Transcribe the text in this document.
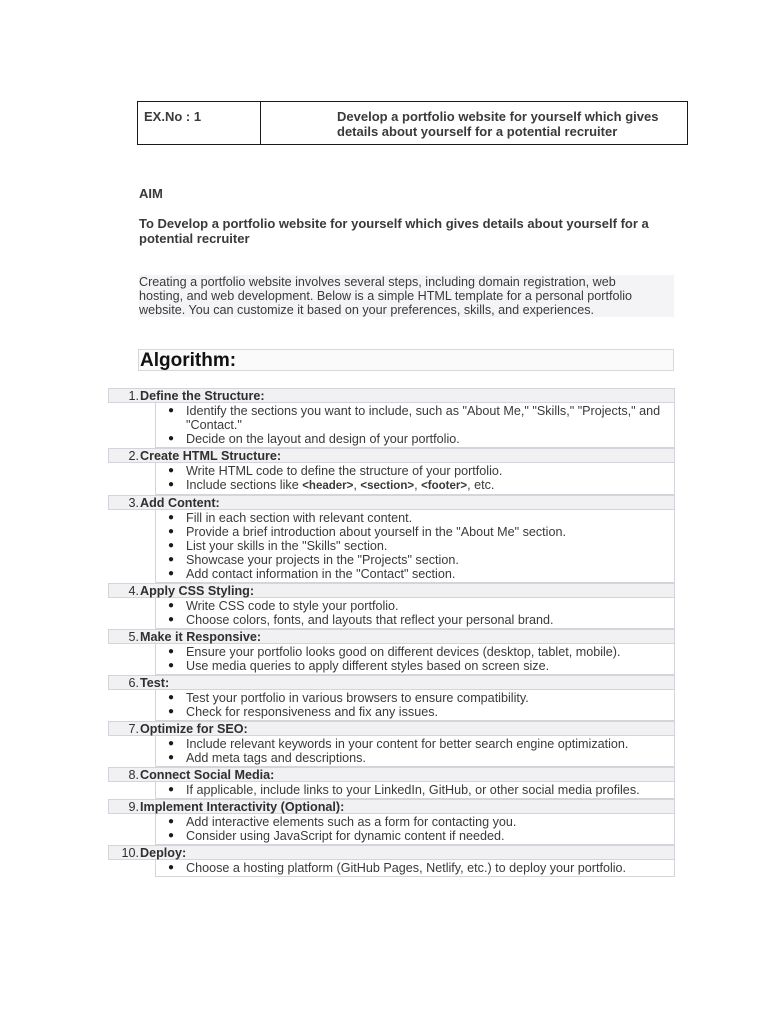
EX.No : 1	Develop a portfolio website for yourself which gives
details about yourself for a potential recruiter
AIM
To Develop a portfolio website for yourself which gives details about yourself for a
potential recruiter
Creating a portfolio website involves several steps, including domain registration, web
hosting, and web development. Below is a simple HTML template for a personal portfolio
website. You can customize it based on your preferences, skills, and experiences.
Algorithm:
1. Define the Structure:
● Identify the sections you want to include, such as "About Me," "Skills," "Projects," and "Contact."
● Decide on the layout and design of your portfolio.
2. Create HTML Structure:
● Write HTML code to define the structure of your portfolio.
● Include sections like <header>, <section>, <footer>, etc.
3. Add Content:
● Fill in each section with relevant content.
● Provide a brief introduction about yourself in the "About Me" section.
● List your skills in the "Skills" section.
● Showcase your projects in the "Projects" section.
● Add contact information in the "Contact" section.
4. Apply CSS Styling:
● Write CSS code to style your portfolio.
● Choose colors, fonts, and layouts that reflect your personal brand.
5. Make it Responsive:
● Ensure your portfolio looks good on different devices (desktop, tablet, mobile).
● Use media queries to apply different styles based on screen size.
6. Test:
● Test your portfolio in various browsers to ensure compatibility.
● Check for responsiveness and fix any issues.
7. Optimize for SEO:
● Include relevant keywords in your content for better search engine optimization.
● Add meta tags and descriptions.
8. Connect Social Media:
● If applicable, include links to your LinkedIn, GitHub, or other social media profiles.
9. Implement Interactivity (Optional):
● Add interactive elements such as a form for contacting you.
● Consider using JavaScript for dynamic content if needed.
10. Deploy:
● Choose a hosting platform (GitHub Pages, Netlify, etc.) to deploy your portfolio.
